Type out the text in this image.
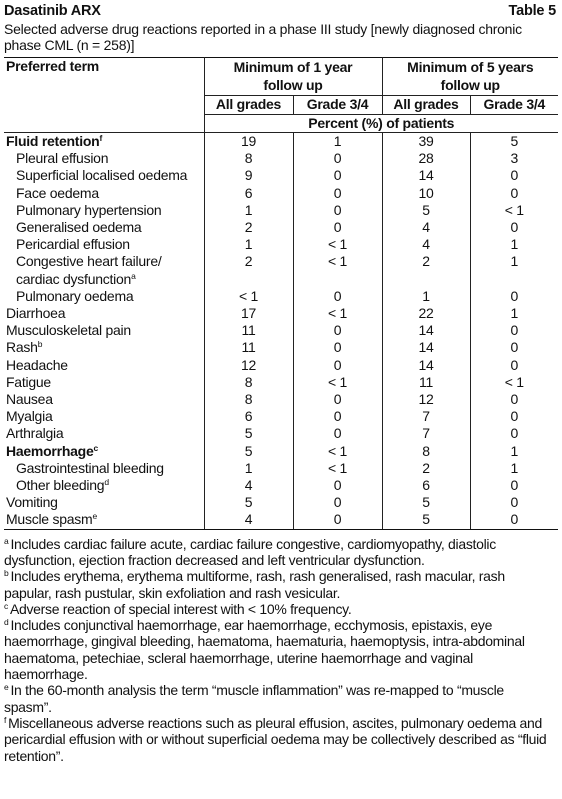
Dasatinib ARX	Table 5
Selected adverse drug reactions reported in a phase III study [newly diagnosed chronic phase CML (n = 258)]
Preferred term	Minimum of 1 year follow up		Minimum of 5 years follow up	
	All grades	Grade 3/4	All grades	Grade 3/4
	Percent (%) of patients			
Fluid retention$^f$	19	1	39	5
Pleural effusion	8	0	28	3
Superficial localised oedema	9	0	14	0
Face oedema	6	0	10	0
Pulmonary hypertension	1	0	5	< 1
Generalised oedema	2	0	4	0
Pericardial effusion	1	< 1	4	1
Congestive heart failure/
cardiac dysfunction$^a$	2	< 1	2	1
Pulmonary oedema	< 1	0	1	0
Diarrhoea	17	< 1	22	1
Musculoskeletal pain	11	0	14	0
Rash$^b$	11	0	14	0
Headache	12	0	14	0
Fatigue	8	< 1	11	< 1
Nausea	8	0	12	0
Myalgia	6	0	7	0
Arthralgia	5	0	7	0
Haemorrhage$^c$	5	< 1	8	1
Gastrointestinal bleeding	1	< 1	2	1
Other bleeding$^d$	4	0	6	0
Vomiting	5	0	5	0
Muscle spasm$^e$	4	0	5	0
$^a$ Includes cardiac failure acute, cardiac failure congestive, cardiomyopathy, diastolic dysfunction, ejection fraction decreased and left ventricular dysfunction.
$^b$ Includes erythema, erythema multiforme, rash, rash generalised, rash macular, rash papular, rash pustular, skin exfoliation and rash vesicular.
$^c$ Adverse reaction of special interest with < 10% frequency.
$^d$ Includes conjunctival haemorrhage, ear haemorrhage, ecchymosis, epistaxis, eye haemorrhage, gingival bleeding, haematoma, haematuria, haemoptysis, intra-abdominal haematoma, petechiae, scleral haemorrhage, uterine haemorrhage and vaginal haemorrhage.
$^e$ In the 60-month analysis the term “muscle inflammation” was re-mapped to “muscle spasm”.
$^f$ Miscellaneous adverse reactions such as pleural effusion, ascites, pulmonary oedema and pericardial effusion with or without superficial oedema may be collectively described as “fluid retention”.
